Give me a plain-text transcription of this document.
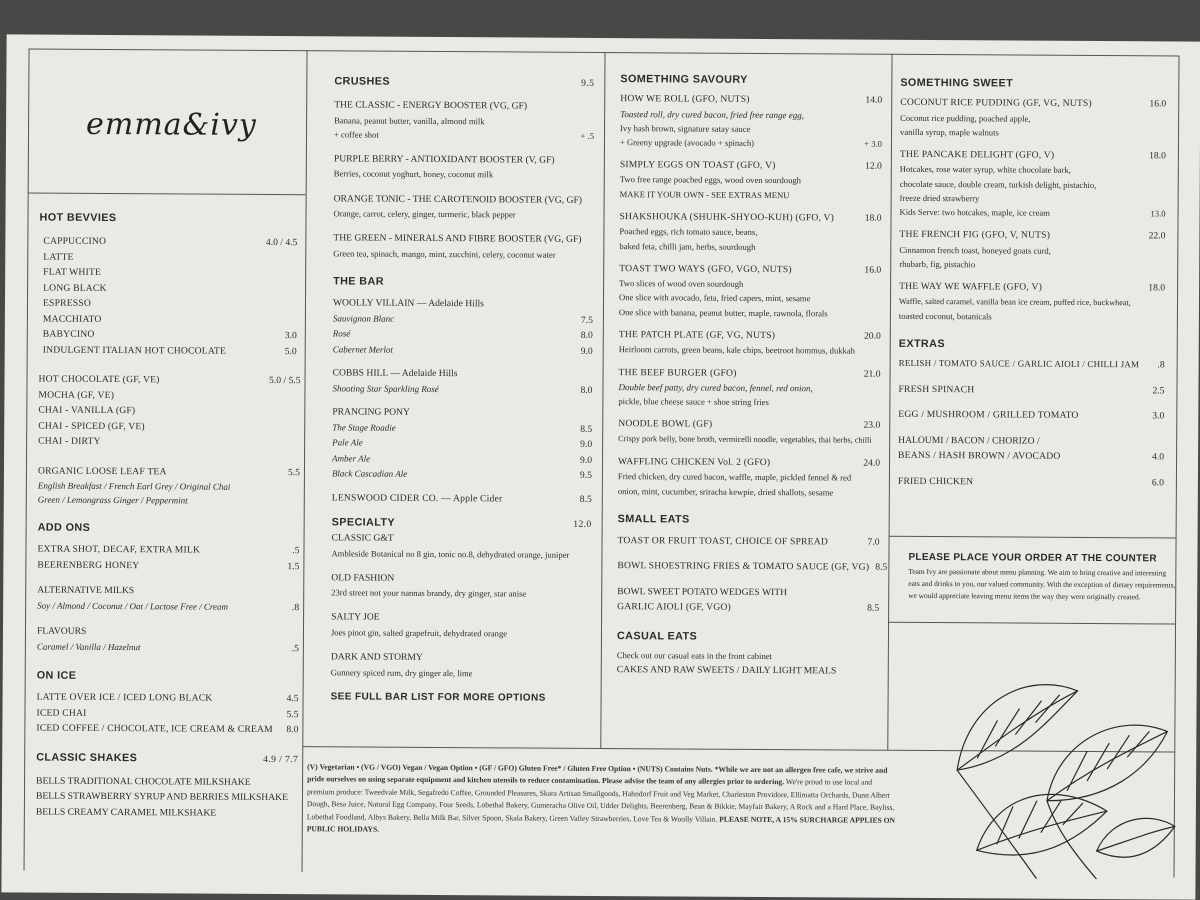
emma&ivy
HOT BEVVIES
CAPPUCCINO	4.0 / 4.5
LATTE
FLAT WHITE
LONG BLACK
ESPRESSO
MACCHIATO
BABYCINO	3.0
INDULGENT ITALIAN HOT CHOCOLATE	5.0
HOT CHOCOLATE (GF, VE)	5.0 / 5.5
MOCHA (GF, VE)
CHAI - VANILLA (GF)
CHAI - SPICED (GF, VE)
CHAI - DIRTY
ORGANIC LOOSE LEAF TEA	5.5
English Breakfast / French Earl Grey / Original Chai
Green / Lemongrass Ginger / Peppermint
ADD ONS
EXTRA SHOT, DECAF, EXTRA MILK	.5
BEERENBERG HONEY	1.5
ALTERNATIVE MILKS
Soy / Almond / Coconut / Oat / Lactose Free / Cream	.8
FLAVOURS
Caramel / Vanilla / Hazelnut	.5
ON ICE
LATTE OVER ICE / ICED LONG BLACK	4.5
ICED CHAI	5.5
ICED COFFEE / CHOCOLATE, ICE CREAM & CREAM	8.0
CLASSIC SHAKES	4.9 / 7.7
BELLS TRADITIONAL CHOCOLATE MILKSHAKE
BELLS STRAWBERRY SYRUP AND BERRIES MILKSHAKE
BELLS CREAMY CARAMEL MILKSHAKE
CRUSHES	9.5
THE CLASSIC - ENERGY BOOSTER (VG, GF)
Banana, peanut butter, vanilla, almond milk
+ coffee shot	+ .5
PURPLE BERRY - ANTIOXIDANT BOOSTER (V, GF)
Berries, coconut yoghurt, honey, coconut milk
ORANGE TONIC - THE CAROTENOID BOOSTER (VG, GF)
Orange, carrot, celery, ginger, turmeric, black pepper
THE GREEN - MINERALS AND FIBRE BOOSTER (VG, GF)
Green tea, spinach, mango, mint, zucchini, celery, coconut water
THE BAR
WOOLLY VILLAIN — Adelaide Hills
Sauvignon Blanc	7.5
Rosé	8.0
Cabernet Merlot	9.0
COBBS HILL — Adelaide Hills
Shooting Star Sparkling Rosé	8.0
PRANCING PONY
The Stage Roadie	8.5
Pale Ale	9.0
Amber Ale	9.0
Black Cascadian Ale	9.5
LENSWOOD CIDER CO. — Apple Cider	8.5
SPECIALTY	12.0
CLASSIC G&T
Ambleside Botanical no 8 gin, tonic no.8, dehydrated orange, juniper
OLD FASHION
23rd street not your nannas brandy, dry ginger, star anise
SALTY JOE
Joes pinot gin, salted grapefruit, dehydrated orange
DARK AND STORMY
Gunnery spiced rum, dry ginger ale, lime
SEE FULL BAR LIST FOR MORE OPTIONS
SOMETHING SAVOURY
HOW WE ROLL (GFO, NUTS)	14.0
Toasted roll, dry cured bacon, fried free range egg,
Ivy hash brown, signature satay sauce
+ Greeny upgrade (avocado + spinach)	+ 3.0
SIMPLY EGGS ON TOAST (GFO, V)	12.0
Two free range poached eggs, wood oven sourdough
MAKE IT YOUR OWN - SEE EXTRAS MENU
SHAKSHOUKA (SHUHK-SHYOO-KUH) (GFO, V)	18.0
Poached eggs, rich tomato sauce, beans,
baked feta, chilli jam, herbs, sourdough
TOAST TWO WAYS (GFO, VGO, NUTS)	16.0
Two slices of wood oven sourdough
One slice with avocado, feta, fried capers, mint, sesame
One slice with banana, peanut butter, maple, rawnola, florals
THE PATCH PLATE (GF, VG, NUTS)	20.0
Heirloom carrots, green beans, kale chips, beetroot hommus, dukkah
THE BEEF BURGER (GFO)	21.0
Double beef patty, dry cured bacon, fennel, red onion,
pickle, blue cheese sauce + shoe string fries
NOODLE BOWL (GF)	23.0
Crispy pork belly, bone broth, vermicelli noodle, vegetables, thai herbs, chilli
WAFFLING CHICKEN Vol. 2 (GFO)	24.0
Fried chicken, dry cured bacon, waffle, maple, pickled fennel & red
onion, mint, cucumber, sriracha kewpie, dried shallots, sesame
SMALL EATS
TOAST OR FRUIT TOAST, CHOICE OF SPREAD	7.0
BOWL SHOESTRING FRIES & TOMATO SAUCE (GF, VG) 8.5
BOWL SWEET POTATO WEDGES WITH
GARLIC AIOLI (GF, VGO)	8.5
CASUAL EATS
Check out our casual eats in the front cabinet
CAKES AND RAW SWEETS / DAILY LIGHT MEALS
SOMETHING SWEET
COCONUT RICE PUDDING (GF, VG, NUTS)	16.0
Coconut rice pudding, poached apple,
vanilla syrup, maple walnuts
THE PANCAKE DELIGHT (GFO, V)	18.0
Hotcakes, rose water syrup, white chocolate bark,
chocolate sauce, double cream, turkish delight, pistachio,
freeze dried strawberry
Kids Serve: two hotcakes, maple, ice cream	13.0
THE FRENCH FIG (GFO, V, NUTS)	22.0
Cinnamon french toast, honeyed goats curd,
rhubarb, fig, pistachio
THE WAY WE WAFFLE (GFO, V)	18.0
Waffle, salted caramel, vanilla bean ice cream, puffed rice, buckwheat,
toasted coconut, botanicals
EXTRAS
RELISH / TOMATO SAUCE / GARLIC AIOLI / CHILLI JAM	.8
FRESH SPINACH	2.5
EGG / MUSHROOM / GRILLED TOMATO	3.0
HALOUMI / BACON / CHORIZO /
BEANS / HASH BROWN / AVOCADO	4.0
FRIED CHICKEN	6.0
PLEASE PLACE YOUR ORDER AT THE COUNTER
Team Ivy are passionate about menu planning. We aim to bring creative and interesting eats and drinks to you, our valued community. With the exception of dietary requirements, we would appreciate leaving menu items the way they were originally created.
(V) Vegetarian • (VG / VGO) Vegan / Vegan Option • (GF / GFO) Gluten Free* / Gluten Free Option • (NUTS) Contains Nuts. *While we are not an allergen free cafe, we strive and pride ourselves on using separate equipment and kitchen utensils to reduce contamination. Please advise the team of any allergies prior to ordering. We're proud to use local and premium produce: Tweedvale Milk, Segafredo Coffee, Grounded Pleasures, Skara Artisan Smallgoods, Hahndorf Fruit and Veg Market, Charleston Providore, Ellimatta Orchards, Dunn Albert Dough, Besa Juice, Natural Egg Company, Four Seeds, Lobethal Bakery, Gumeracha Olive Oil, Udder Delights, Beerenberg, Bean & Bikkie, Mayfair Bakery, A Rock and a Hard Place, Bayliss, Lobethal Foodland, Albys Bakery, Bella Milk Bar, Silver Spoon, Skala Bakery, Green Valley Strawberries, Love Tea & Woolly Villain. PLEASE NOTE, A 15% SURCHARGE APPLIES ON PUBLIC HOLIDAYS.
